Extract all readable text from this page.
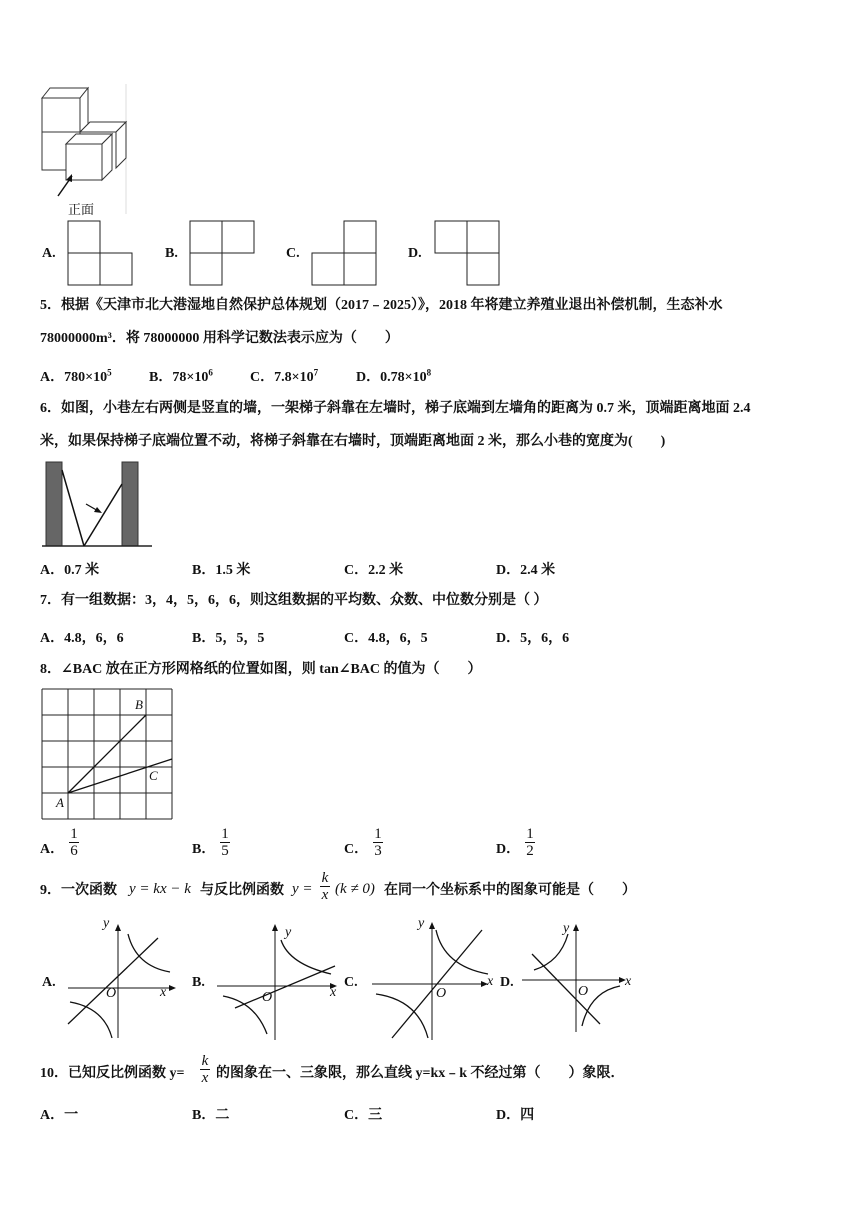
正面
A.	B.	C.	D.
5．根据《天津市北大港湿地自然保护总体规划（2017﹣2025）》，2018 年将建立养殖业退出补偿机制，生态补水
78000000m³．将 78000000 用科学记数法表示应为（　　）
A．$780\times 10^5$	B．$78\times 10^6$	C．$7.8\times 10^7$	D．$0.78\times 10^8$
6．如图，小巷左右两侧是竖直的墙，一架梯子斜靠在左墙时，梯子底端到左墙角的距离为 0.7 米，顶端距离地面 2.4
米，如果保持梯子底端位置不动，将梯子斜靠在右墙时，顶端距离地面 2 米，那么小巷的宽度为(　　)
A．0.7 米	B．1.5 米	C．2.2 米	D．2.4 米
7．有一组数据：3，4，5，6，6，则这组数据的平均数、众数、中位数分别是（ ）
A．4.8，6，6	B．5，5，5	C．4.8，6，5	D．5，6，6
8．∠BAC 放在正方形网格纸的位置如图，则 tan∠BAC 的值为（　　）
A
B
C
A．
1
6	B．
1
5	C．
1
3	D．
1
2
9．一次函数 y = kx − k 与反比例函数 y =
k
x (k ≠ 0) 在同一个坐标系中的图象可能是（　　）
A.
y
x
O
B.
y
x
O
C.
y
x
O
D.
y
x
O
10．已知反比例函数 y=
k
x 的图象在一、三象限，那么直线 y=kx﹣k 不经过第（　　）象限．
A．一	B．二	C．三	D．四
